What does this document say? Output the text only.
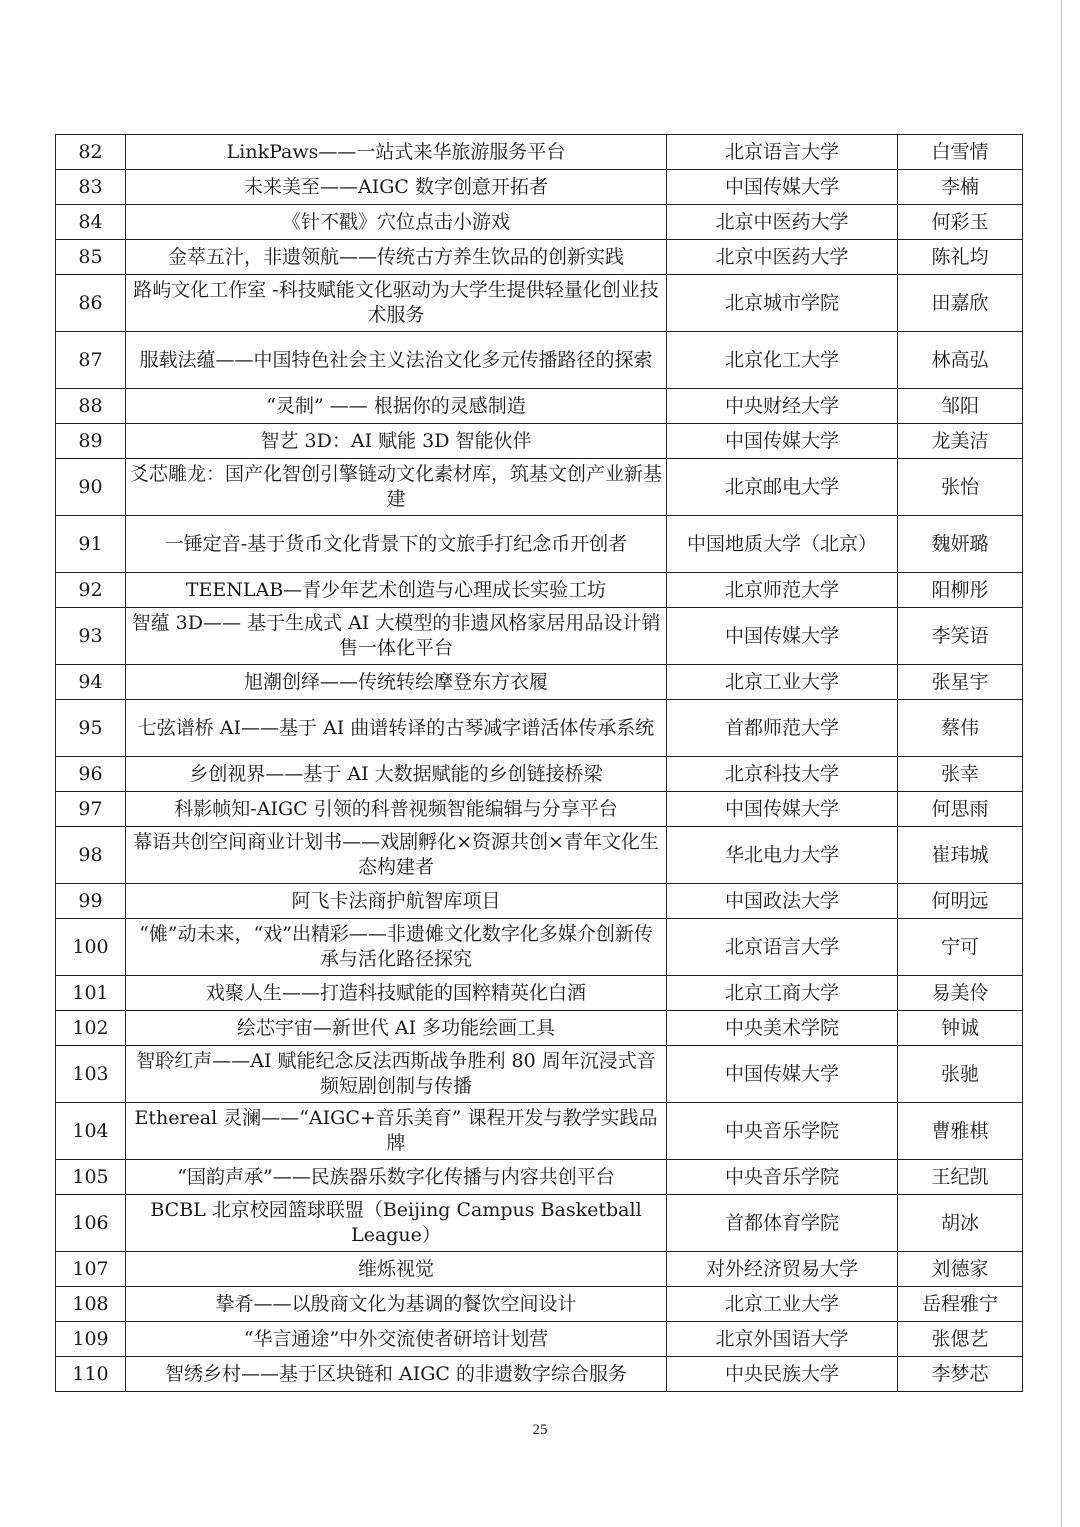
82	LinkPaws——一站式来华旅游服务平台	北京语言大学	白雪情
83	未来美至——AIGC 数字创意开拓者	中国传媒大学	李楠
84	《针不戳》穴位点击小游戏	北京中医药大学	何彩玉
85	金萃五汁，非遗领航——传统古方养生饮品的创新实践	北京中医药大学	陈礼均
86	路屿文化工作室 -科技赋能文化驱动为大学生提供轻量化创业技术服务	北京城市学院	田嘉欣
87	服载法蕴——中国特色社会主义法治文化多元传播路径的探索	北京化工大学	林高弘
88	“灵制” —— 根据你的灵感制造	中央财经大学	邹阳
89	智艺 3D：AI 赋能 3D 智能伙伴	中国传媒大学	龙美洁
90	爻芯雕龙：国产化智创引擎链动文化素材库，筑基文创产业新基建	北京邮电大学	张怡
91	一锤定音-基于货币文化背景下的文旅手打纪念币开创者	中国地质大学（北京）	魏妍璐
92	TEENLAB—青少年艺术创造与心理成长实验工坊	北京师范大学	阳柳彤
93	智蕴 3D—— 基于生成式 AI 大模型的非遗风格家居用品设计销售一体化平台	中国传媒大学	李笑语
94	旭潮创绎——传统转绘摩登东方衣履	北京工业大学	张星宇
95	七弦谱桥 AI——基于 AI 曲谱转译的古琴减字谱活体传承系统	首都师范大学	蔡伟
96	乡创视界——基于 AI 大数据赋能的乡创链接桥梁	北京科技大学	张幸
97	科影帧知-AIGC 引领的科普视频智能编辑与分享平台	中国传媒大学	何思雨
98	幕语共创空间商业计划书——戏剧孵化×资源共创×青年文化生态构建者	华北电力大学	崔玮城
99	阿飞卡法商护航智库项目	中国政法大学	何明远
100	“傩”动未来，“戏”出精彩——非遗傩文化数字化多媒介创新传承与活化路径探究	北京语言大学	宁可
101	戏聚人生——打造科技赋能的国粹精英化白酒	北京工商大学	易美伶
102	绘芯宇宙—新世代 AI 多功能绘画工具	中央美术学院	钟诚
103	智聆红声——AI 赋能纪念反法西斯战争胜利 80 周年沉浸式音频短剧创制与传播	中国传媒大学	张驰
104	Ethereal 灵澜——“AIGC+音乐美育” 课程开发与教学实践品牌	中央音乐学院	曹雅棋
105	“国韵声承”——民族器乐数字化传播与内容共创平台	中央音乐学院	王纪凯
106	BCBL 北京校园篮球联盟（Beijing Campus Basketball League）	首都体育学院	胡冰
107	维烁视觉	对外经济贸易大学	刘德家
108	挚肴——以殷商文化为基调的餐饮空间设计	北京工业大学	岳程雅宁
109	“华言通途”中外交流使者研培计划营	北京外国语大学	张偲艺
110	智绣乡村——基于区块链和 AIGC 的非遗数字综合服务	中央民族大学	李梦芯
25
